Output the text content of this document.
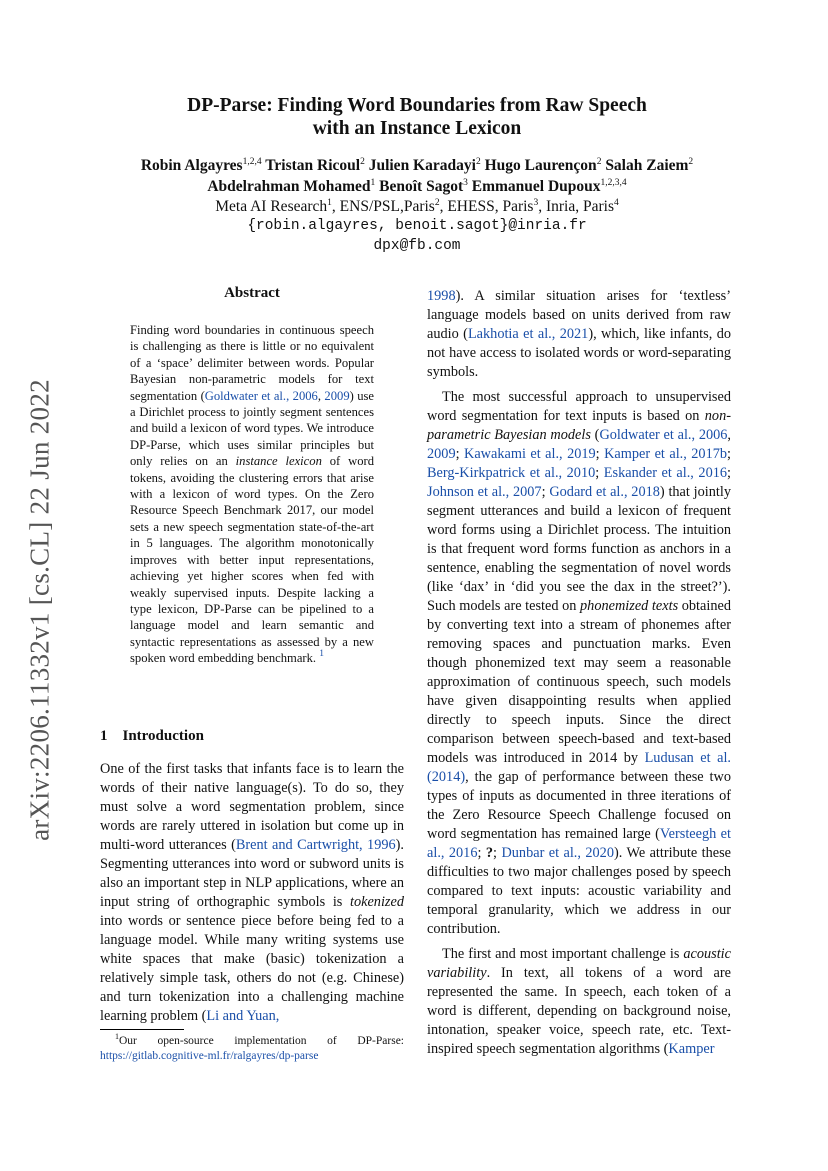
arXiv:2206.11332v1 [cs.CL] 22 Jun 2022
DP-Parse: Finding Word Boundaries from Raw Speech
with an Instance Lexicon
Robin Algayres$^{1,2,4}$ Tristan Ricoul$^2$ Julien Karadayi$^2$ Hugo Laurençon$^2$ Salah Zaiem$^2$
Abdelrahman Mohamed$^1$ Benoît Sagot$^3$ Emmanuel Dupoux$^{1,2,3,4}$
Meta AI Research$^1$, ENS/PSL,Paris$^2$, EHESS, Paris$^3$, Inria, Paris$^4$
{robin.algayres, benoit.sagot}@inria.fr
dpx@fb.com
Abstract
Finding word boundaries in continuous speech is challenging as there is little or no equivalent of a ‘space’ delimiter between words. Popular Bayesian non-parametric models for text segmentation (Goldwater et al., 2006, 2009) use a Dirichlet process to jointly segment sentences and build a lexicon of word types. We introduce DP-Parse, which uses similar principles but only relies on an instance lexicon of word tokens, avoiding the clustering errors that arise with a lexicon of word types. On the Zero Resource Speech Benchmark 2017, our model sets a new speech segmentation state-of-the-art in 5 languages. The algorithm monotonically improves with better input representations, achieving yet higher scores when fed with weakly supervised inputs. Despite lacking a type lexicon, DP-Parse can be pipelined to a language model and learn semantic and syntactic representations as assessed by a new spoken word embedding benchmark. $^1$
1 Introduction

One of the first tasks that infants face is to learn the words of their native language(s). To do so, they must solve a word segmentation problem, since words are rarely uttered in isolation but come up in multi-word utterances (Brent and Cartwright, 1996). Segmenting utterances into word or subword units is also an important step in NLP applications, where an input string of orthographic symbols is tokenized into words or sentence piece before being fed to a language model. While many writing systems use white spaces that make (basic) tokenization a relatively simple task, others do not (e.g. Chinese) and turn tokenization into a challenging machine learning problem (Li and Yuan,

1998). A similar situation arises for ‘textless’ language models based on units derived from raw audio (Lakhotia et al., 2021), which, like infants, do not have access to isolated words or word-separating symbols.

The most successful approach to unsupervised word segmentation for text inputs is based on non-parametric Bayesian models (Goldwater et al., 2006, 2009; Kawakami et al., 2019; Kamper et al., 2017b; Berg-Kirkpatrick et al., 2010; Eskander et al., 2016; Johnson et al., 2007; Godard et al., 2018) that jointly segment utterances and build a lexicon of frequent word forms using a Dirichlet process. The intuition is that frequent word forms function as anchors in a sentence, enabling the segmentation of novel words (like ‘dax’ in ‘did you see the dax in the street?’). Such models are tested on phonemized texts obtained by converting text into a stream of phonemes after removing spaces and punctuation marks. Even though phonemized text may seem a reasonable approximation of continuous speech, such models have given disappointing results when applied directly to speech inputs. Since the direct comparison between speech-based and text-based models was introduced in 2014 by Ludusan et al. (2014), the gap of performance between these two types of inputs as documented in three iterations of the Zero Resource Speech Challenge focused on word segmentation has remained large (Versteegh et al., 2016; ?; Dunbar et al., 2020). We attribute these difficulties to two major challenges posed by speech compared to text inputs: acoustic variability and temporal granularity, which we address in our contribution.

The first and most important challenge is acoustic variability. In text, all tokens of a word are represented the same. In speech, each token of a word is different, depending on background noise, intonation, speaker voice, speech rate, etc. Text-inspired speech segmentation algorithms (Kamper

$^1$Our open-source implementation of DP-Parse: https://gitlab.cognitive-ml.fr/ralgayres/dp-parse
